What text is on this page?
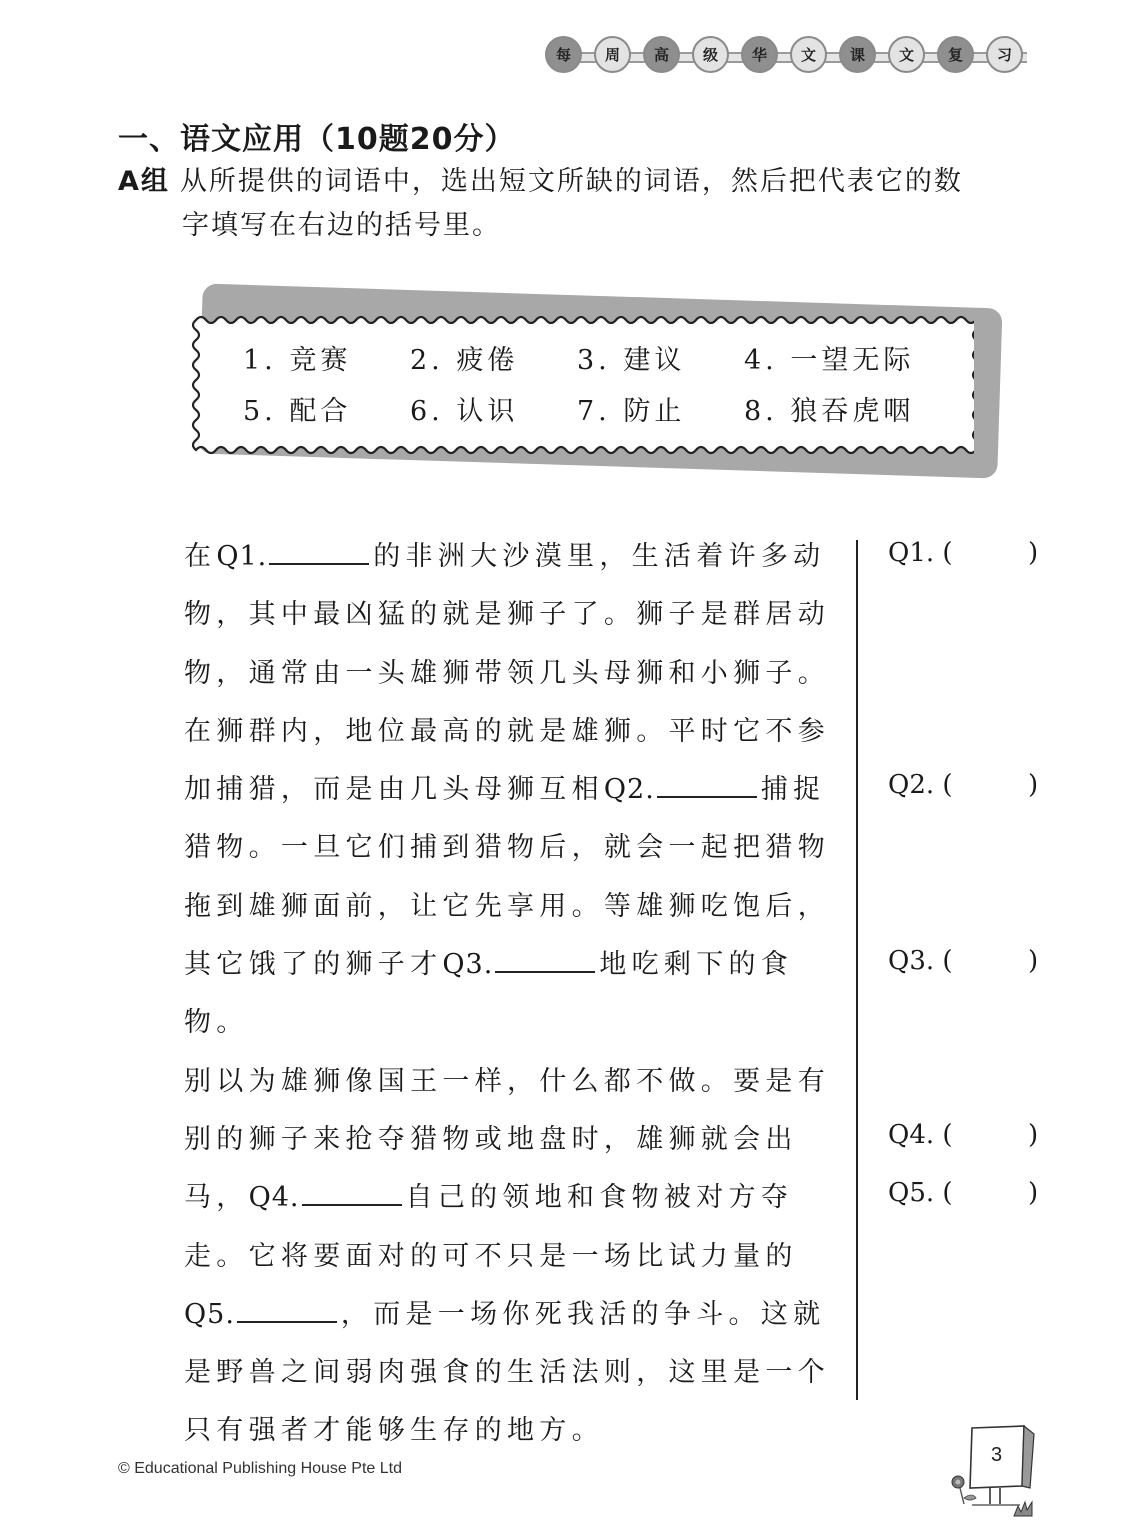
每	周	高	级	华	文	课	文	复	习
一、语文应用（10题20分）
A组 从所提供的词语中，选出短文所缺的词语，然后把代表它的数
字填写在右边的括号里。
1. 竞赛	2. 疲倦	3. 建议	4. 一望无际
5. 配合	6. 认识	7. 防止	8. 狼吞虎咽

在Q1.	的非洲大沙漠里，生活着许多动物，其中最凶猛的就是狮子了。狮子是群居动物，通常由一头雄狮带领几头母狮和小狮子。在狮群内，地位最高的就是雄狮。平时它不参加捕猎，而是由几头母狮互相Q2.	捕捉猎物。一旦它们捕到猎物后，就会一起把猎物拖到雄狮面前，让它先享用。等雄狮吃饱后，其它饿了的狮子才Q3.	地吃剩下的食物。

别以为雄狮像国王一样，什么都不做。要是有别的狮子来抢夺猎物或地盘时，雄狮就会出马，Q4.	自己的领地和食物被对方夺走。它将要面对的可不只是一场比试力量的Q5.	，而是一场你死我活的争斗。这就是野兽之间弱肉强食的生活法则，这里是一个只有强者才能够生存的地方。

Q1. (	)
Q2. (	)
Q3. (	)
Q4. (	)
Q5. (	)
© Educational Publishing House Pte Ltd
3
